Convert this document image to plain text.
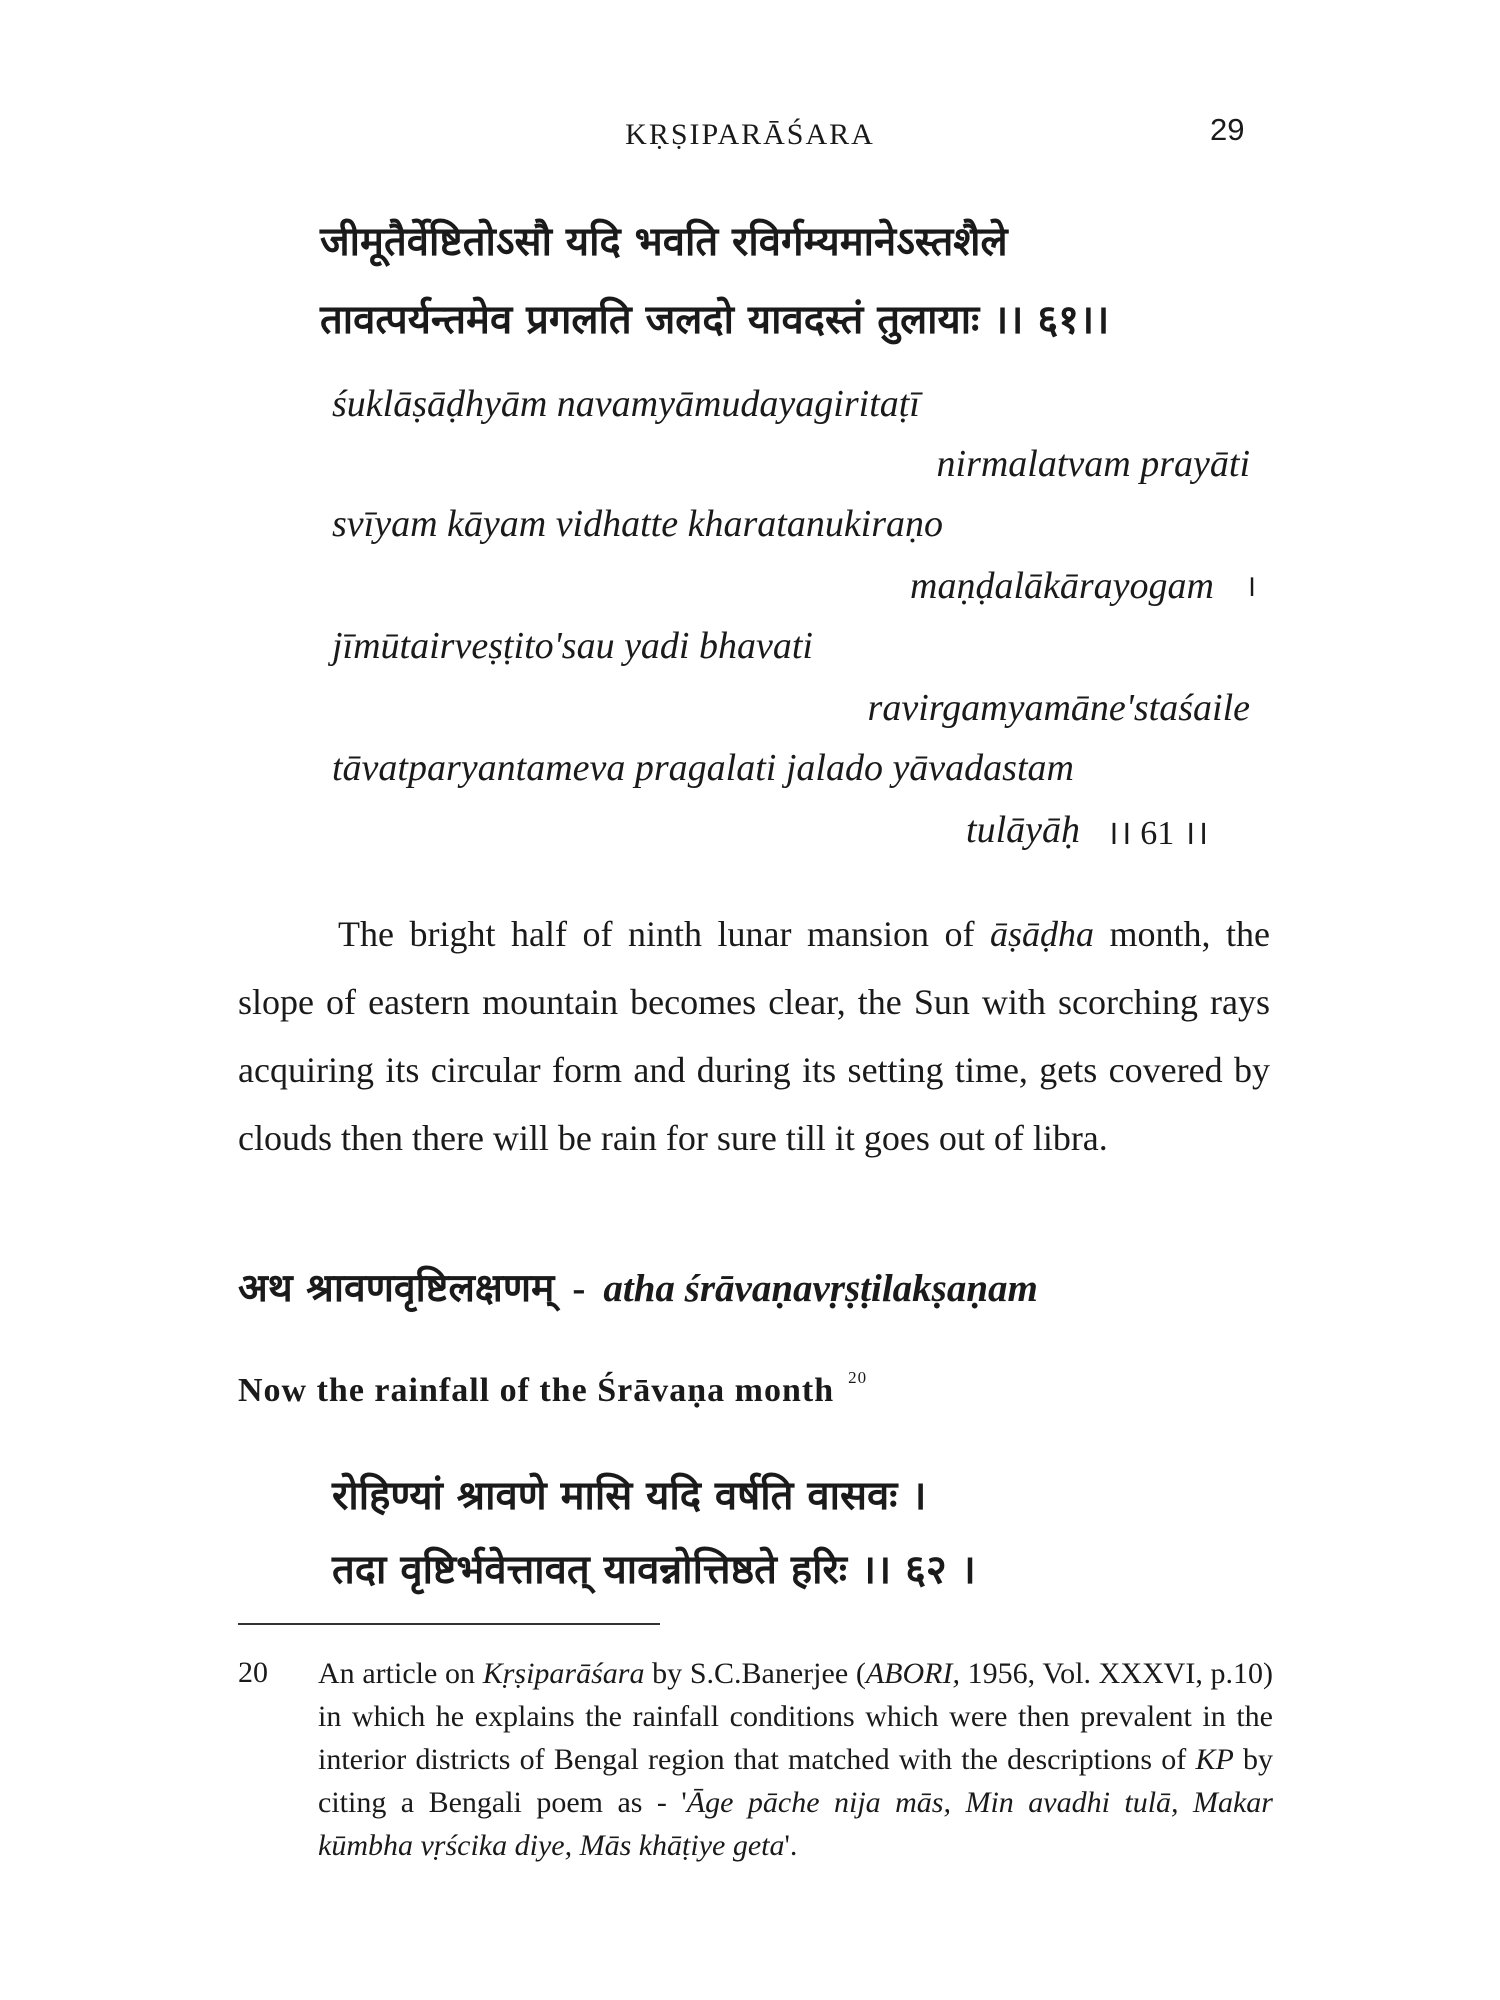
KṚṢIPARĀŚARA	29
जीमूतैर्वेष्टितोऽसौ यदि भवति रविर्गम्यमानेऽस्तशैले
तावत्पर्यन्तमेव प्रगलति जलदो यावदस्तं तुलायाः ।। ६१।।
śuklāṣāḍhyām navamyāmudayagiritaṭī
nirmalatvam prayāti
svīyam kāyam vidhatte kharatanukiraṇo
maṇḍalākārayogam ।
jīmūtairveṣṭito'sau yadi bhavati
ravirgamyamāne'staśaile
tāvatparyantameva pragalati jalado yāvadastam
tulāyāḥ ।। 61 ।।
The bright half of ninth lunar mansion of āṣāḍha month, the slope of eastern mountain becomes clear, the Sun with scorching rays acquiring its circular form and during its setting time, gets covered by clouds then there will be rain for sure till it goes out of libra.
अथ श्रावणवृष्टिलक्षणम् - atha śrāvaṇavṛṣṭilakṣaṇam
Now the rainfall of the Śrāvaṇa month $^{20}$
रोहिण्यां श्रावणे मासि यदि वर्षति वासवः ।
तदा वृष्टिर्भवेत्तावत् यावन्नोत्तिष्ठते हरिः ।। ६२ ।
20 An article on Kṛṣiparāśara by S.C.Banerjee (ABORI, 1956, Vol. XXXVI, p.10) in which he explains the rainfall conditions which were then prevalent in the interior districts of Bengal region that matched with the descriptions of KP by citing a Bengali poem as - 'Āge pāche nija mās, Min avadhi tulā, Makar kūmbha vṛścika diye, Mās khāṭiye geta'.
